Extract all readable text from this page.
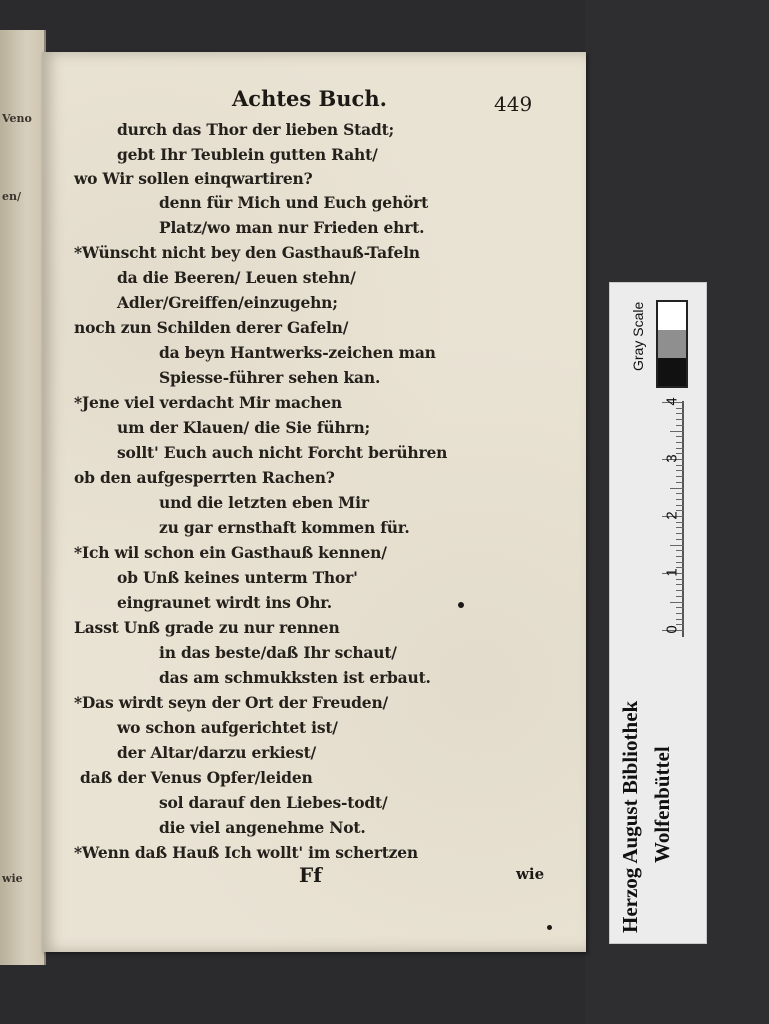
Veno
en/
wie
Achtes Buch.	449
durch das Thor der lieben Stadt;
gebt Ihr Teublein gutten Raht/
wo Wir sollen einqwartiren?
denn für Mich und Euch gehört
Platz/wo man nur Frieden ehrt.
*Wünscht nicht bey den Gasthauß-Tafeln
da die Beeren/ Leuen stehn/
Adler/Greiffen/einzugehn;
noch zun Schilden derer Gafeln/
da beyn Hantwerks-zeichen man
Spiesse-führer sehen kan.
*Jene viel verdacht Mir machen
um der Klauen/ die Sie führn;
sollt' Euch auch nicht Forcht berühren
ob den aufgesperrten Rachen?
und die letzten eben Mir
zu gar ernsthaft kommen für.
*Ich wil schon ein Gasthauß kennen/
ob Unß keines unterm Thor'
eingraunet wirdt ins Ohr.
Lasst Unß grade zu nur rennen
in das beste/daß Ihr schaut/
das am schmukksten ist erbaut.
*Das wirdt seyn der Ort der Freuden/
wo schon aufgerichtet ist/
der Altar/darzu erkiest/
daß der Venus Opfer/leiden
sol darauf den Liebes-todt/
die viel angenehme Not.
*Wenn daß Hauß Ich wollt' im schertzen
Ff	wie
Gray Scale
4
3
2
1
0
Herzog August Bibliothek Wolfenbüttel
